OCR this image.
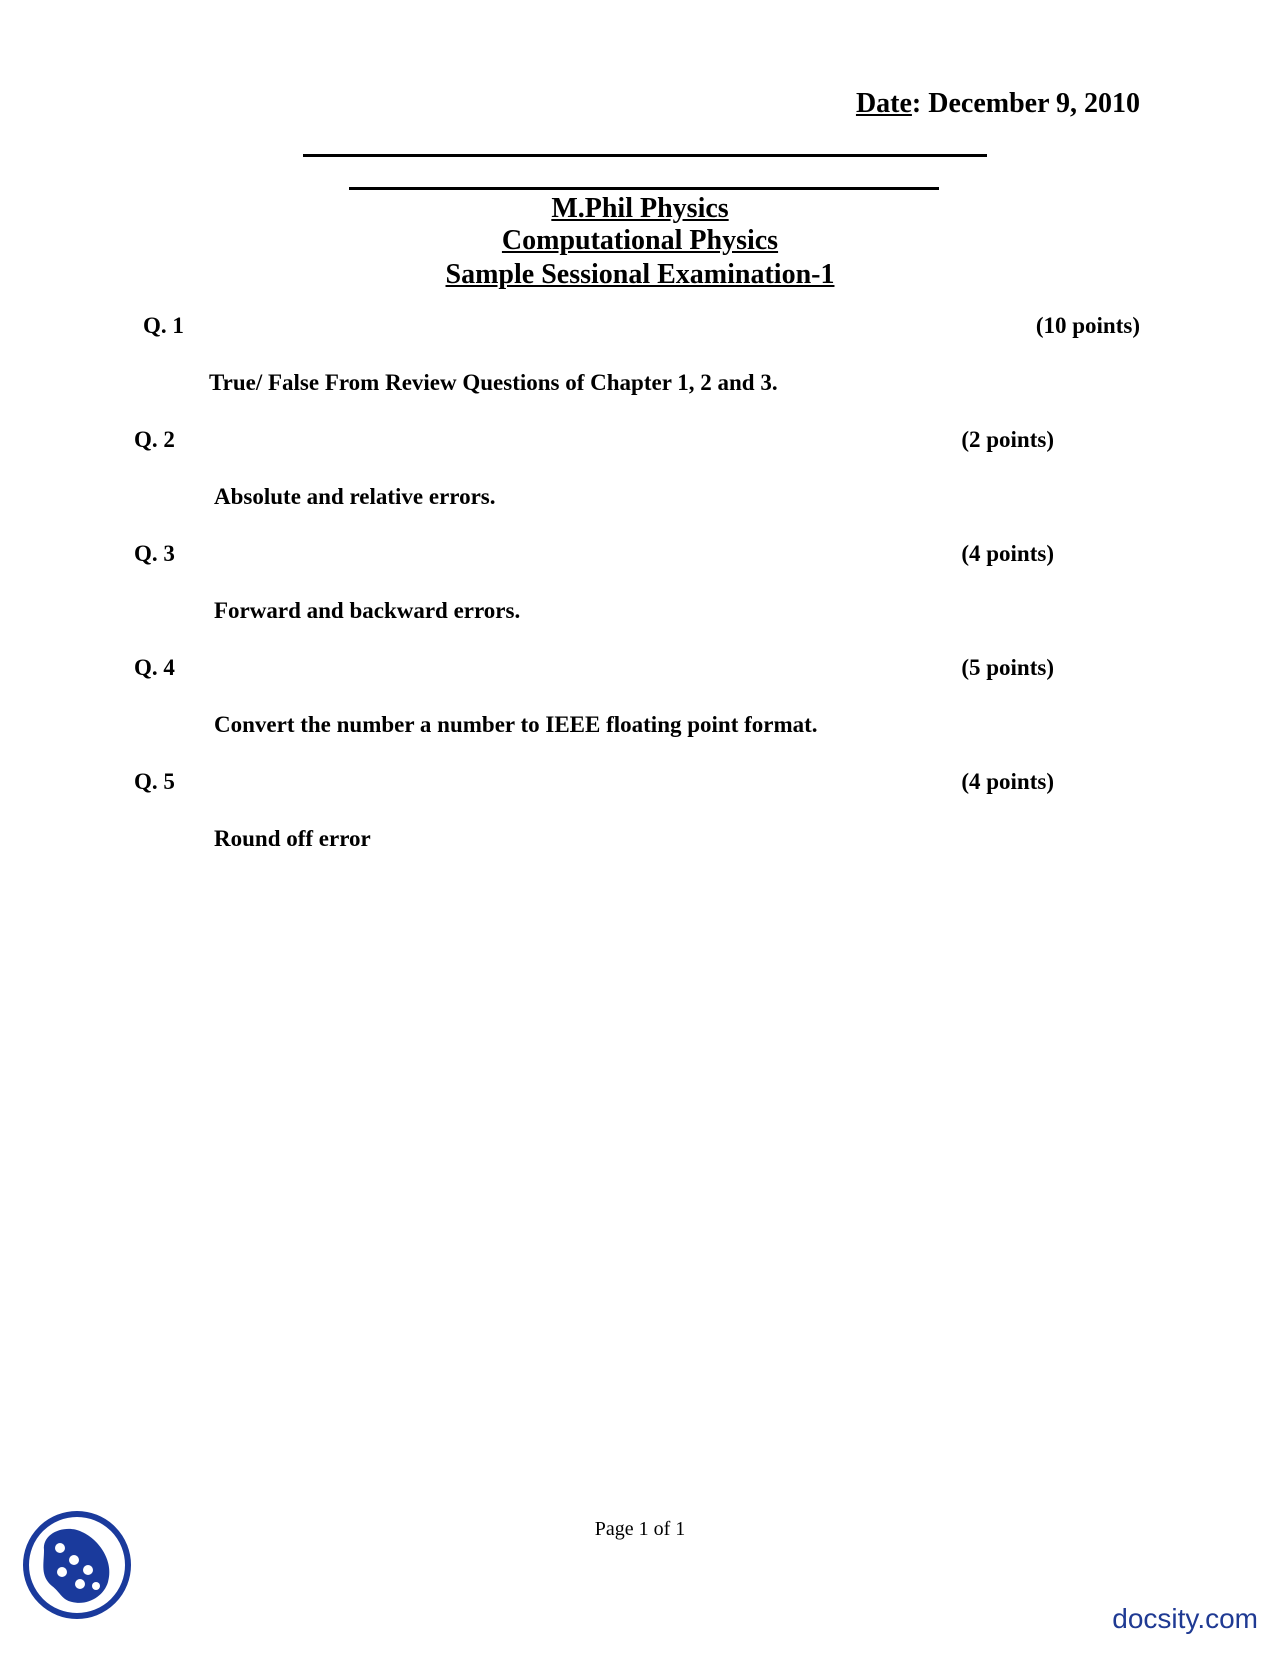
Date: December 9, 2010
M.Phil Physics
Computational Physics
Sample Sessional Examination-1
Q. 1	(10 points)
True/ False From Review Questions of Chapter 1, 2 and 3.
Q. 2	(2 points)
Absolute and relative errors.
Q. 3	(4 points)
Forward and backward errors.
Q. 4	(5 points)
Convert the number a number to IEEE floating point format.
Q. 5	(4 points)
Round off error
Page 1 of 1
docsity.com
